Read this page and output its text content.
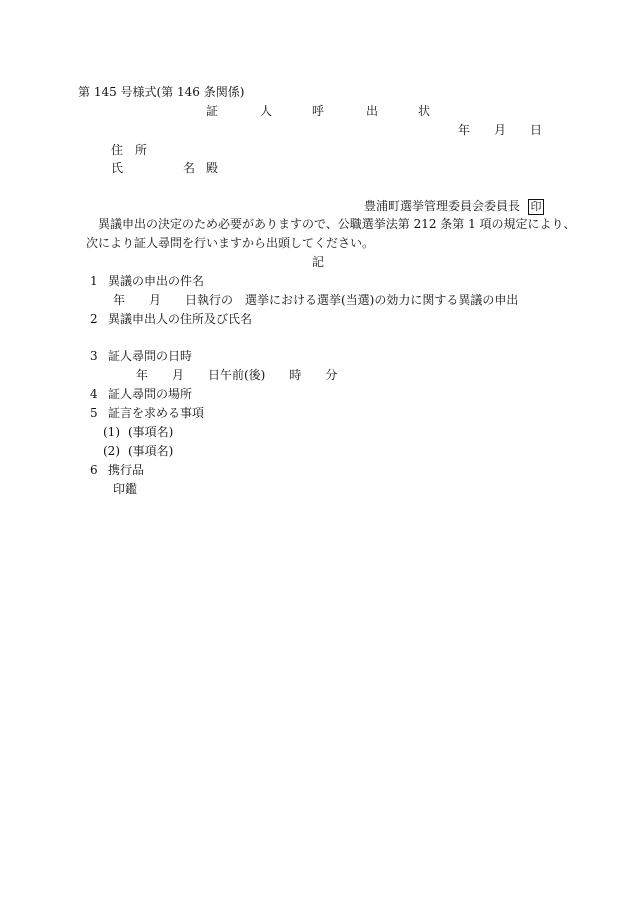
第 145 号様式(第 146 条関係)
証	人	呼	出	状
年 月 日
住　所
氏	名 殿
豊浦町選挙管理委員会委員長 印
異議申出の決定のため必要がありますので、公職選挙法第 212 条第 1 項の規定により、
次により証人尋問を行いますから出頭してください。
記
1 異議の申出の件名
年　　月　　日執行の　選挙における選挙(当選)の効力に関する異議の申出
2 異議申出人の住所及び氏名
3 証人尋問の日時
年　　月　　日午前(後)　　時　　分
4 証人尋問の場所
5 証言を求める事項
(1) (事項名)
(2) (事項名)
6 携行品
印鑑
